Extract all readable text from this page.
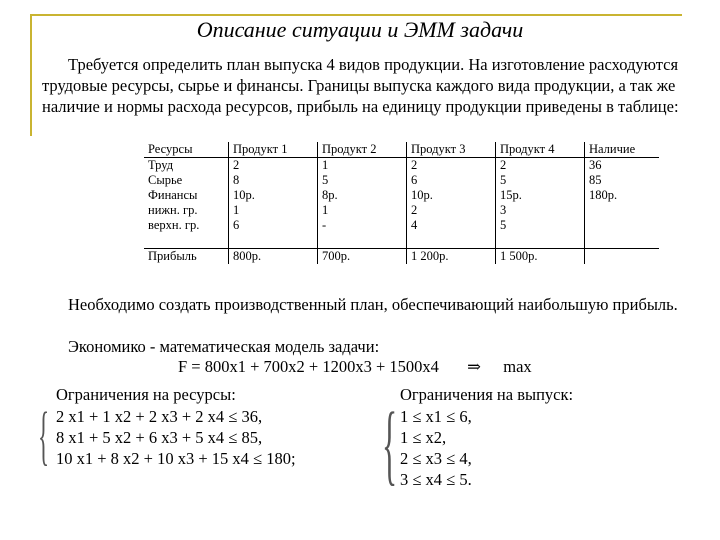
Описание ситуации и ЭММ задачи
Требуется определить план выпуска 4 видов продукции. На изготовление расходуются трудовые ресурсы, сырье и финансы. Границы выпуска каждого вида продукции, а так же наличие и нормы расхода ресурсов, прибыль на единицу продукции приведены в таблице:
Ресурсы	Продукт 1	Продукт 2	Продукт 3	Продукт 4	Наличие
Труд	2	1	2	2	36
Сырье	8	5	6	5	85
Финансы	10р.	8р.	10р.	15р.	180р.
нижн. гр.	1	1	2	3	
верхн. гр.	6	-	4	5	

Прибыль	800р.	700р.	1 200р.	1 500р.	
Необходимо создать производственный план, обеспечивающий наибольшую прибыль.
Экономико - математическая модель задачи:
F = 800x1 + 700x2 + 1200x3 + 1500x4 ⇒ max
Ограничения на ресурсы:
{ 2 x1 + 1 x2 + 2 x3 + 2 x4 ≤ 36,
8 x1 + 5 x2 + 6 x3 + 5 x4 ≤ 85,
10 x1 + 8 x2 + 10 x3 + 15 x4 ≤ 180;
Ограничения на выпуск:
{ 1 ≤ x1 ≤ 6,
1 ≤ x2,
2 ≤ x3 ≤ 4,
3 ≤ x4 ≤ 5.
